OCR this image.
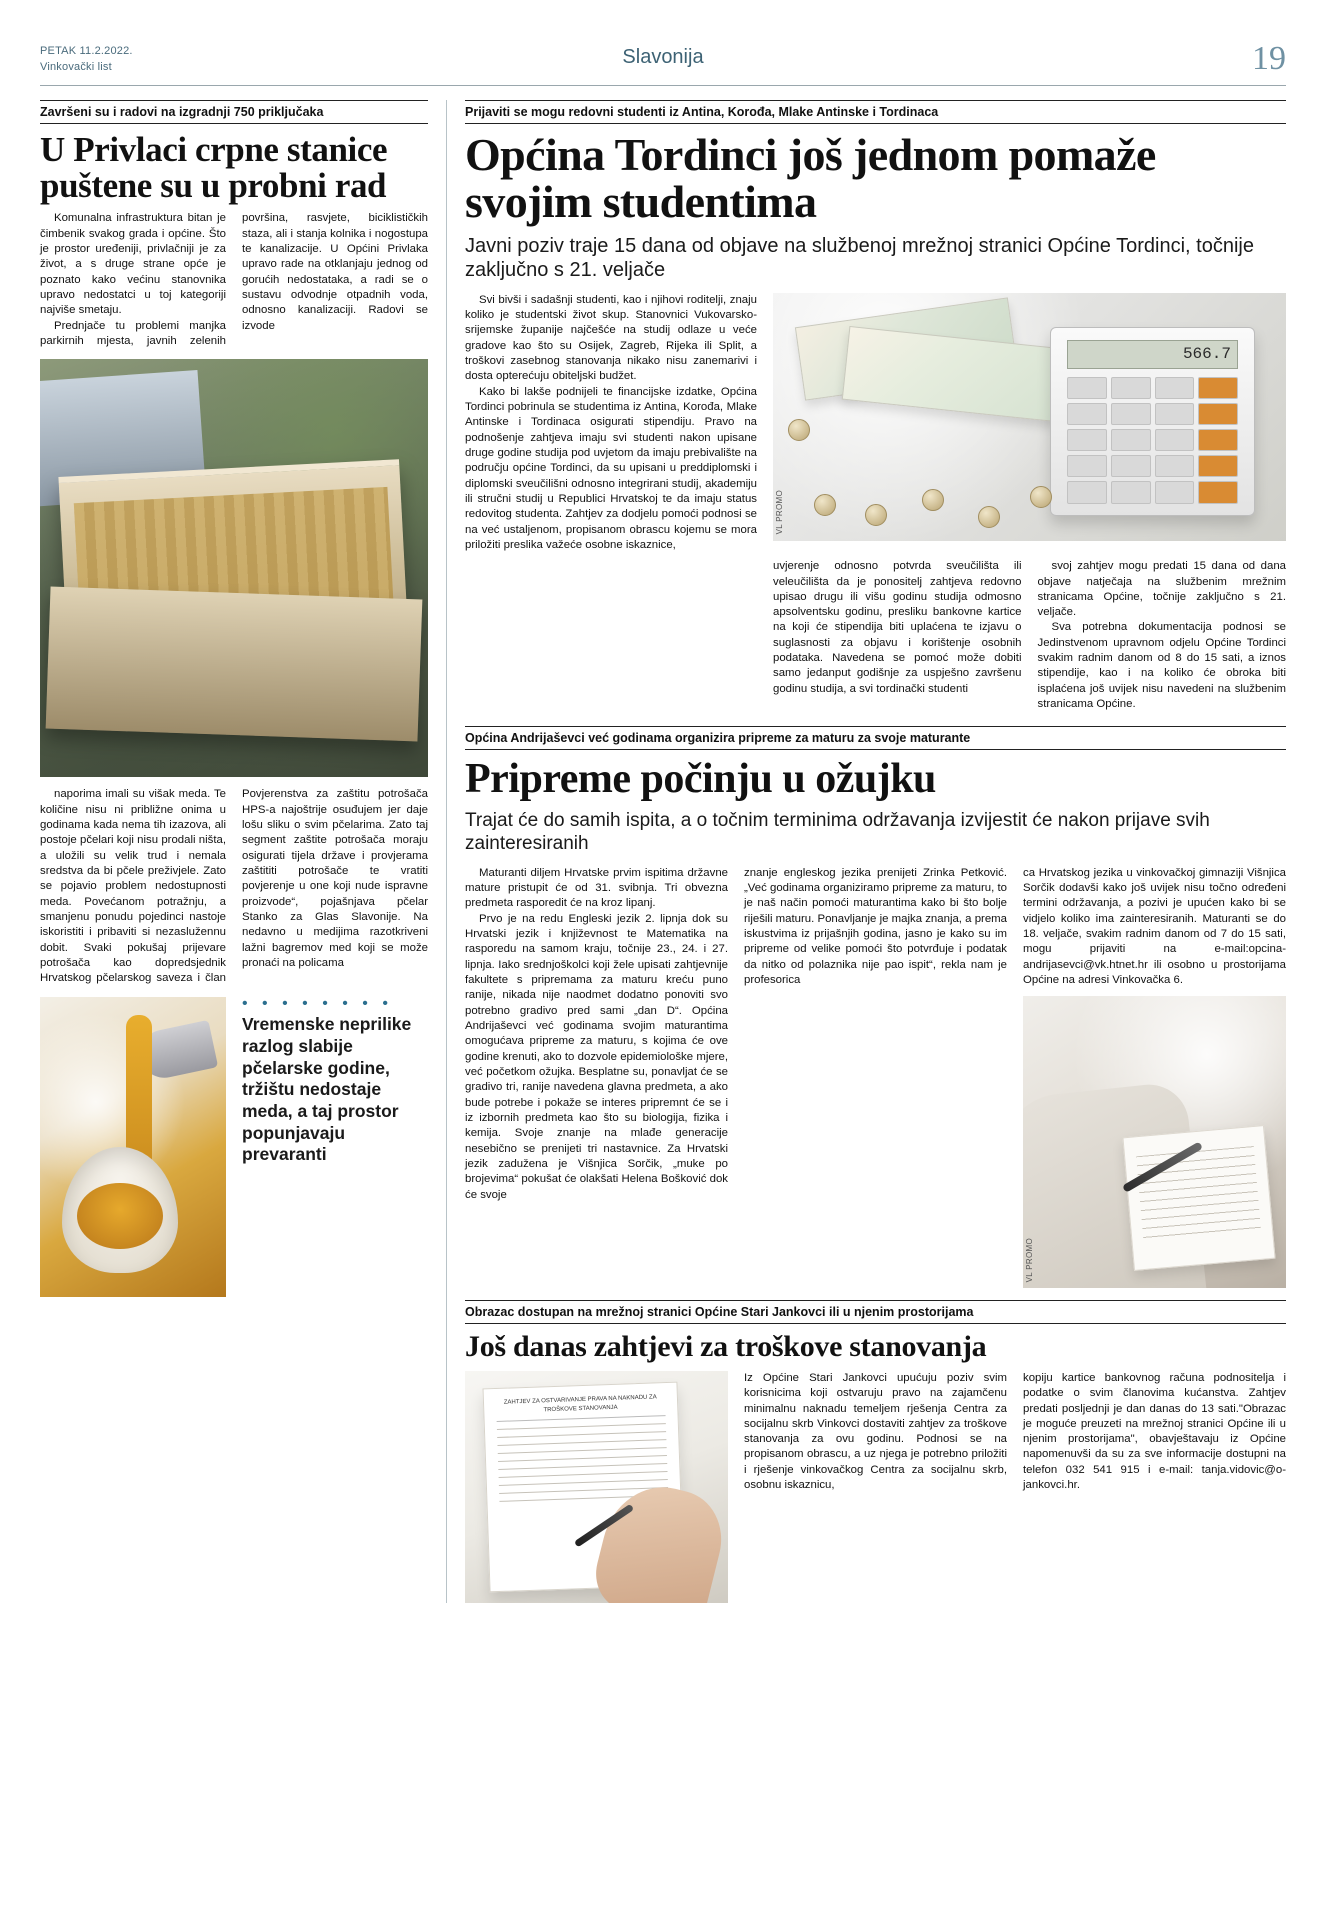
PETAK 11.2.2022.
Vinkovački list	Slavonija	19
Završeni su i radovi na izgradnji 750 priključaka
U Privlaci crpne stanice puštene su u probni rad

Komunalna infrastruktura bitan je čimbenik svakog grada i općine. Što je prostor uređeniji, privlačniji je za život, a s druge strane opće je poznato kako većinu stanovnika upravo nedostatci u toj kategoriji najviše smetaju.

Prednjače tu problemi manjka parkirnih mjesta, javnih zelenih površina, rasvjete, biciklističkih staza, ali i stanja kolnika i nogostupa te kanalizacije. U Općini Privlaka upravo rade na otklanjaju jednog od gorućih nedostataka, a radi se o sustavu odvodnje otpadnih voda, odnosno kanalizaciji. Radovi se izvode

naporima imali su višak meda. Te količine nisu ni približne onima u godinama kada nema tih izazova, ali postoje pčelari koji nisu prodali ništa, a uložili su velik trud i nemala sredstva da bi pčele preživjele. Zato se pojavio problem nedostupnosti meda. Povećanom potražnju, a smanjenu ponudu pojedinci nastoje iskoristiti i pribaviti si nezaslužennu dobit. Svaki pokušaj prijevare potrošača kao dopredsjednik Hrvatskog pčelarskog saveza i član Povjerenstva za zaštitu potrošača HPS-a najoštrije osuđujem jer daje lošu sliku o svim pčelarima. Zato taj segment zaštite potrošača moraju osigurati tijela države i provjerama zaštititi potrošače te vratiti povjerenje u one koji nude ispravne proizvode“, pojašnjava pčelar Stanko za Glas Slavonije. Na nedavno u medijima razotkriveni lažni bagremov med koji se može pronaći na policama

• • • • • • • •
Vremenske neprilike razlog slabije pčelarske godine, tržištu nedostaje meda, a taj prostor popunjavaju prevaranti
Prijaviti se mogu redovni studenti iz Antina, Korođa, Mlake Antinske i Tordinaca
Općina Tordinci još jednom pomaže svojim studentima
Javni poziv traje 15 dana od objave na službenoj mrežnoj stranici Općine Tordinci, točnije zaključno s 21. veljače

Svi bivši i sadašnji studenti, kao i njihovi roditelji, znaju koliko je studentski život skup. Stanovnici Vukovarsko-srijemske županije najčešće na studij odlaze u veće gradove kao što su Osijek, Zagreb, Rijeka ili Split, a troškovi zasebnog stanovanja nikako nisu zanemarivi i dosta opterećuju obiteljski budžet.

Kako bi lakše podnijeli te financijske izdatke, Općina Tordinci pobrinula se studentima iz Antina, Korođa, Mlake Antinske i Tordinaca osigurati stipendiju. Pravo na podnošenje zahtjeva imaju svi studenti nakon upisane druge godine studija pod uvjetom da imaju prebivalište na području općine Tordinci, da su upisani u preddiplomski i diplomski sveučilišni odnosno integrirani studij, akademiju ili stručni studij u Republici Hrvatskoj te da imaju status redovitog studenta. Zahtjev za dodjelu pomoći podnosi se na već ustaljenom, propisanom obrascu kojemu se mora priložiti preslika važeće osobne iskaznice,

566.7
VL PROMO
uvjerenje odnosno potvrda sveučilišta ili veleučilišta da je ponositelj zahtjeva redovno upisao drugu ili višu godinu studija odmosno apsolventsku godinu, presliku bankovne kartice na koji će stipendija biti uplaćena te izjavu o suglasnosti za objavu i korištenje osobnih podataka. Navedena se pomoć može dobiti samo jedanput godišnje za uspješno završenu godinu studija, a svi tordinački studenti

svoj zahtjev mogu predati 15 dana od dana objave natječaja na službenim mrežnim stranicama Općine, točnije zaključno s 21. veljače.

Sva potrebna dokumentacija podnosi se Jedinstvenom upravnom odjelu Općine Tordinci svakim radnim danom od 8 do 15 sati, a iznos stipendije, kao i na koliko će obroka biti isplaćena još uvijek nisu navedeni na službenim stranicama Općine.

Općina Andrijaševci već godinama organizira pripreme za maturu za svoje maturante
Pripreme počinju u ožujku
Trajat će do samih ispita, a o točnim terminima održavanja izvijestit će nakon prijave svih zainteresiranih

Maturanti diljem Hrvatske prvim ispitima državne mature pristupit će od 31. svibnja. Tri obvezna predmeta rasporedit će na kroz lipanj.

Prvo je na redu Engleski jezik 2. lipnja dok su Hrvatski jezik i književnost te Matematika na rasporedu na samom kraju, točnije 23., 24. i 27. lipnja. Iako srednjoškolci koji žele upisati zahtjevnije fakultete s pripremama za maturu kreću puno ranije, nikada nije naodmet dodatno ponoviti svo potrebno gradivo pred sami „dan D“. Općina Andrijaševci već godinama svojim maturantima omogućava pripreme za maturu, s kojima će ove godine krenuti, ako to dozvole epidemiološke mjere, već početkom ožujka. Besplatne su, ponavljat će se gradivo tri, ranije navedena glavna predmeta, a ako bude potrebe i pokaže se interes pripremnt će se i iz izbornih predmeta kao što su biologija, fizika i kemija. Svoje znanje na mlađe generacije nesebično se prenijeti tri nastavnice. Za Hrvatski jezik zadužena je Višnjica Sorčik, „muke po brojevima“ pokušat će olakšati Helena Bošković dok će svoje

znanje engleskog jezika prenijeti Zrinka Petković. „Već godinama organiziramo pripreme za maturu, to je naš način pomoći maturantima kako bi što bolje riješili maturu. Ponavljanje je majka znanja, a prema iskustvima iz prijašnjih godina, jasno je kako su im pripreme od velike pomoći što potvrđuje i podatak da nitko od polaznika nije pao ispit“, rekla nam je profesorica
ca Hrvatskog jezika u vinkovačkoj gimnaziji Višnjica Sorčik dodavši kako još uvijek nisu točno određeni termini održavanja, a pozivi je upućen kako bi se vidjelo koliko ima zainteresiranih. Maturanti se do 18. veljače, svakim radnim danom od 7 do 15 sati, mogu prijaviti na e-mail:opcina-andrijasevci@vk.htnet.hr ili osobno u prostorijama Općine na adresi Vinkovačka 6.
VL PROMO
Obrazac dostupan na mrežnoj stranici Općine Stari Jankovci ili u njenim prostorijama
Još danas zahtjevi za troškove stanovanja
ZAHTJEV ZA OSTVARIVANJE PRAVA NA NAKNADU ZA TROŠKOVE STANOVANJA
Iz Općine Stari Jankovci upućuju poziv svim korisnicima koji ostvaruju pravo na zajamčenu minimalnu naknadu temeljem rješenja Centra za socijalnu skrb Vinkovci dostaviti zahtjev za troškove stanovanja za ovu godinu. Podnosi se na propisanom obrascu, a uz njega je potrebno priložiti i rješenje vinkovačkog Centra za socijalnu skrb, osobnu iskaznicu,
kopiju kartice bankovnog računa podnositelja i podatke o svim članovima kućanstva. Zahtjev predati posljednji je dan danas do 13 sati."Obrazac je moguće preuzeti na mrežnoj stranici Općine ili u njenim prostorijama", obavještavaju iz Općine napomenuvši da su za sve informacije dostupni na telefon 032 541 915 i e-mail: tanja.vidovic@o-jankovci.hr.
